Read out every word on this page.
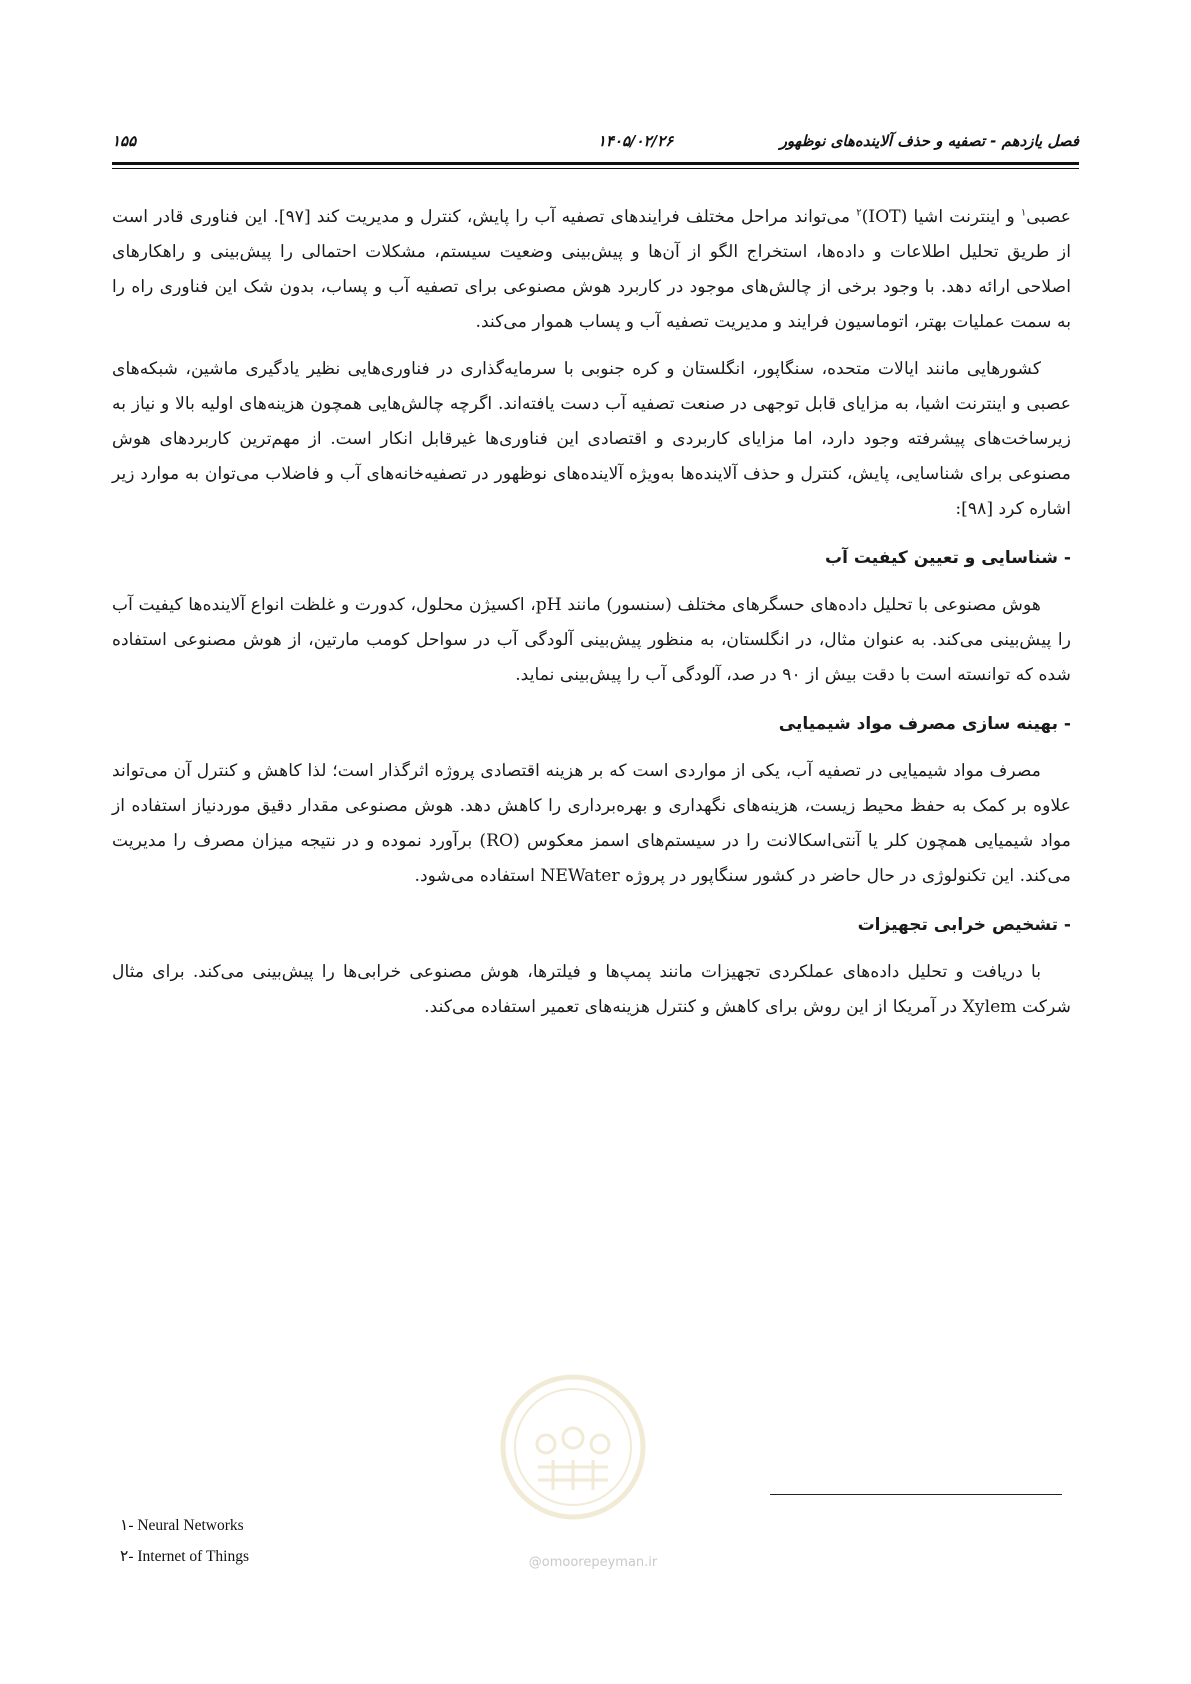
فصل یازدهم - تصفیه و حذف آلاینده‌های نوظهور
۱۴۰۵/۰۲/۲۶
۱۵۵

عصبی$^۱$ و اینترنت اشیا (IOT)$^۲$ می‌تواند مراحل مختلف فرایندهای تصفیه آب را پایش، کنترل و مدیریت کند [۹۷]. این فناوری قادر است از طریق تحلیل اطلاعات و داده‌ها، استخراج الگو از آن‌ها و پیش‌بینی وضعیت سیستم، مشکلات احتمالی را پیش‌بینی و راهکارهای اصلاحی ارائه دهد. با وجود برخی از چالش‌های موجود در کاربرد هوش مصنوعی برای تصفیه آب و پساب، بدون شک این فناوری راه را به سمت عملیات بهتر، اتوماسیون فرایند و مدیریت تصفیه آب و پساب هموار می‌کند.

کشورهایی مانند ایالات متحده، سنگاپور، انگلستان و کره جنوبی با سرمایه‌گذاری در فناوری‌هایی نظیر یادگیری ماشین، شبکه‌های عصبی و اینترنت اشیا، به مزایای قابل توجهی در صنعت تصفیه آب دست یافته‌اند. اگرچه چالش‌هایی همچون هزینه‌های اولیه بالا و نیاز به زیرساخت‌های پیشرفته وجود دارد، اما مزایای کاربردی و اقتصادی این فناوری‌ها غیرقابل انکار است. از مهم‌ترین کاربردهای هوش مصنوعی برای شناسایی، پایش، کنترل و حذف آلاینده‌ها به‌ویژه آلاینده‌های نوظهور در تصفیه‌خانه‌های آب و فاضلاب می‌توان به موارد زیر اشاره کرد [۹۸]:

- شناسایی و تعیین کیفیت آب

هوش مصنوعی با تحلیل داده‌های حسگرهای مختلف (سنسور) مانند pH، اکسیژن محلول، کدورت و غلظت انواع آلاینده‌ها کیفیت آب را پیش‌بینی می‌کند. به عنوان مثال، در انگلستان، به منظور پیش‌بینی آلودگی آب در سواحل کومب مارتین، از هوش مصنوعی استفاده شده که توانسته است با دقت بیش از ۹۰ در صد، آلودگی آب را پیش‌بینی نماید.

- بهینه سازی مصرف مواد شیمیایی

مصرف مواد شیمیایی در تصفیه آب، یکی از مواردی است که بر هزینه اقتصادی پروژه اثرگذار است؛ لذا کاهش و کنترل آن می‌تواند علاوه بر کمک به حفظ محیط زیست، هزینه‌های نگهداری و بهره‌برداری را کاهش دهد. هوش مصنوعی مقدار دقیق موردنیاز استفاده از مواد شیمیایی همچون کلر یا آنتی‌اسکالانت را در سیستم‌های اسمز معکوس (RO) برآورد نموده و در نتیجه میزان مصرف را مدیریت می‌کند. این تکنولوژی در حال حاضر در کشور سنگاپور در پروژه NEWater استفاده می‌شود.

- تشخیص خرابی تجهیزات

با دریافت و تحلیل داده‌های عملکردی تجهیزات مانند پمپ‌ها و فیلترها، هوش مصنوعی خرابی‌ها را پیش‌بینی می‌کند. برای مثال شرکت Xylem در آمریکا از این روش برای کاهش و کنترل هزینه‌های تعمیر استفاده می‌کند.

@omoorepeyman.ir
۱- Neural Networks
۲- Internet of Things
